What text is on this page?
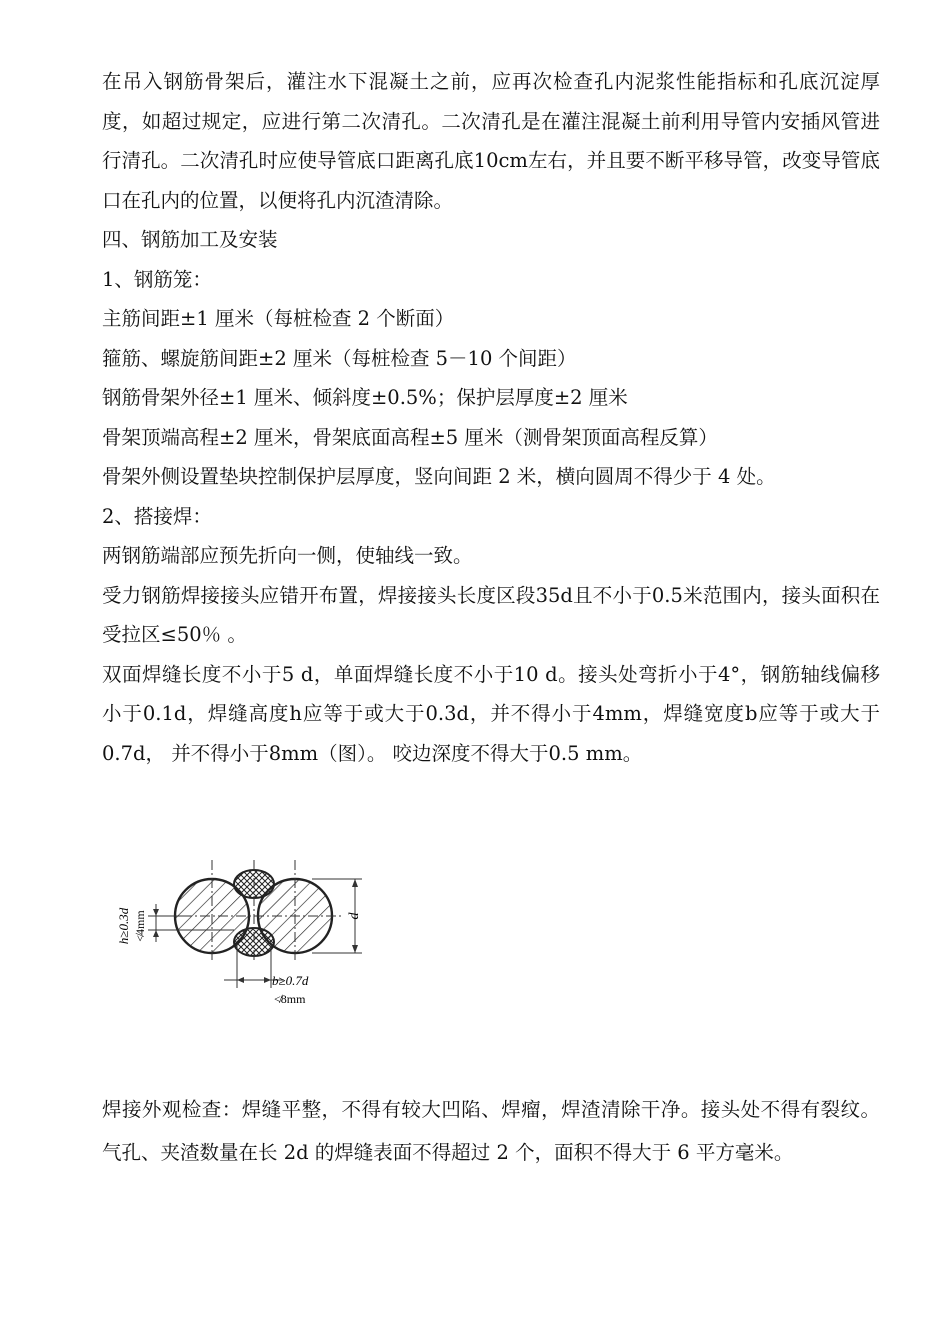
在吊入钢筋骨架后，灌注水下混凝土之前，应再次检查孔内泥浆性能指标和孔底沉淀厚度，如超过规定，应进行第二次清孔。二次清孔是在灌注混凝土前利用导管内安插风管进行清孔。二次清孔时应使导管底口距离孔底10cm左右，并且要不断平移导管，改变导管底口在孔内的位置，以便将孔内沉渣清除。

四、钢筋加工及安装

1、钢筋笼：

主筋间距±1 厘米（每桩检查 2 个断面）

箍筋、螺旋筋间距±2 厘米（每桩检查 5－10 个间距）

钢筋骨架外径±1 厘米、倾斜度±0.5%；保护层厚度±2 厘米

骨架顶端高程±2 厘米，骨架底面高程±5 厘米（测骨架顶面高程反算）

骨架外侧设置垫块控制保护层厚度，竖向间距 2 米，横向圆周不得少于 4 处。

2、搭接焊：

两钢筋端部应预先折向一侧，使轴线一致。

受力钢筋焊接接头应错开布置，焊接接头长度区段35d且不小于0.5米范围内，接头面积在受拉区≤50％ 。

双面焊缝长度不小于5 d，单面焊缝长度不小于10 d。接头处弯折小于4°，钢筋轴线偏移小于0.1d，焊缝高度h应等于或大于0.3d，并不得小于4mm，焊缝宽度b应等于或大于0.7d， 并不得小于8mm（图）。 咬边深度不得大于0.5 mm。

d
h≥0.3d ≮4mm
b≥0.7d
≮8mm

焊接外观检查：焊缝平整，不得有较大凹陷、焊瘤，焊渣清除干净。接头处不得有裂纹。气孔、夹渣数量在长 2d 的焊缝表面不得超过 2 个，面积不得大于 6 平方毫米。
